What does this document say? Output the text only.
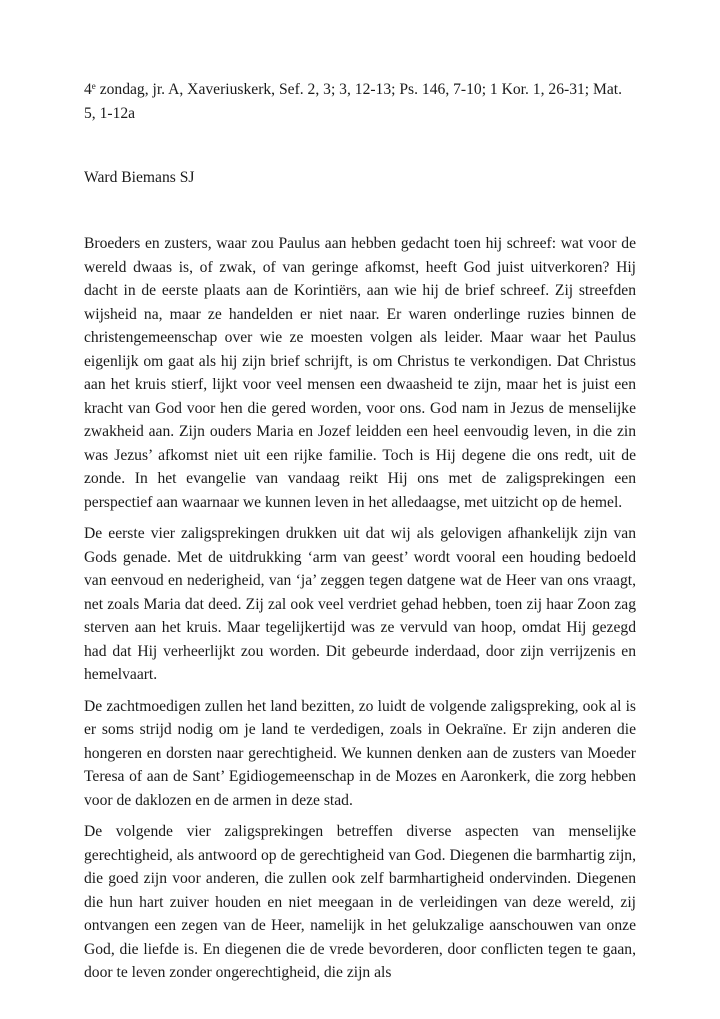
4e zondag, jr. A, Xaveriuskerk, Sef. 2, 3; 3, 12-13; Ps. 146, 7-10; 1 Kor. 1, 26-31; Mat. 5, 1-12a

Ward Biemans SJ

Broeders en zusters, waar zou Paulus aan hebben gedacht toen hij schreef: wat voor de wereld dwaas is, of zwak, of van geringe afkomst, heeft God juist uitverkoren? Hij dacht in de eerste plaats aan de Korintiërs, aan wie hij de brief schreef. Zij streefden wijsheid na, maar ze handelden er niet naar. Er waren onderlinge ruzies binnen de christengemeenschap over wie ze moesten volgen als leider. Maar waar het Paulus eigenlijk om gaat als hij zijn brief schrijft, is om Christus te verkondigen. Dat Christus aan het kruis stierf, lijkt voor veel mensen een dwaasheid te zijn, maar het is juist een kracht van God voor hen die gered worden, voor ons. God nam in Jezus de menselijke zwakheid aan. Zijn ouders Maria en Jozef leidden een heel eenvoudig leven, in die zin was Jezus’ afkomst niet uit een rijke familie. Toch is Hij degene die ons redt, uit de zonde. In het evangelie van vandaag reikt Hij ons met de zaligsprekingen een perspectief aan waarnaar we kunnen leven in het alledaagse, met uitzicht op de hemel.

De eerste vier zaligsprekingen drukken uit dat wij als gelovigen afhankelijk zijn van Gods genade. Met de uitdrukking ‘arm van geest’ wordt vooral een houding bedoeld van eenvoud en nederigheid, van ‘ja’ zeggen tegen datgene wat de Heer van ons vraagt, net zoals Maria dat deed. Zij zal ook veel verdriet gehad hebben, toen zij haar Zoon zag sterven aan het kruis. Maar tegelijkertijd was ze vervuld van hoop, omdat Hij gezegd had dat Hij verheerlijkt zou worden. Dit gebeurde inderdaad, door zijn verrijzenis en hemelvaart.

De zachtmoedigen zullen het land bezitten, zo luidt de volgende zaligspreking, ook al is er soms strijd nodig om je land te verdedigen, zoals in Oekraïne. Er zijn anderen die hongeren en dorsten naar gerechtigheid. We kunnen denken aan de zusters van Moeder Teresa of aan de Sant’ Egidiogemeenschap in de Mozes en Aaronkerk, die zorg hebben voor de daklozen en de armen in deze stad.

De volgende vier zaligsprekingen betreffen diverse aspecten van menselijke gerechtigheid, als antwoord op de gerechtigheid van God. Diegenen die barmhartig zijn, die goed zijn voor anderen, die zullen ook zelf barmhartigheid ondervinden. Diegenen die hun hart zuiver houden en niet meegaan in de verleidingen van deze wereld, zij ontvangen een zegen van de Heer, namelijk in het gelukzalige aanschouwen van onze God, die liefde is. En diegenen die de vrede bevorderen, door conflicten tegen te gaan, door te leven zonder ongerechtigheid, die zijn als
